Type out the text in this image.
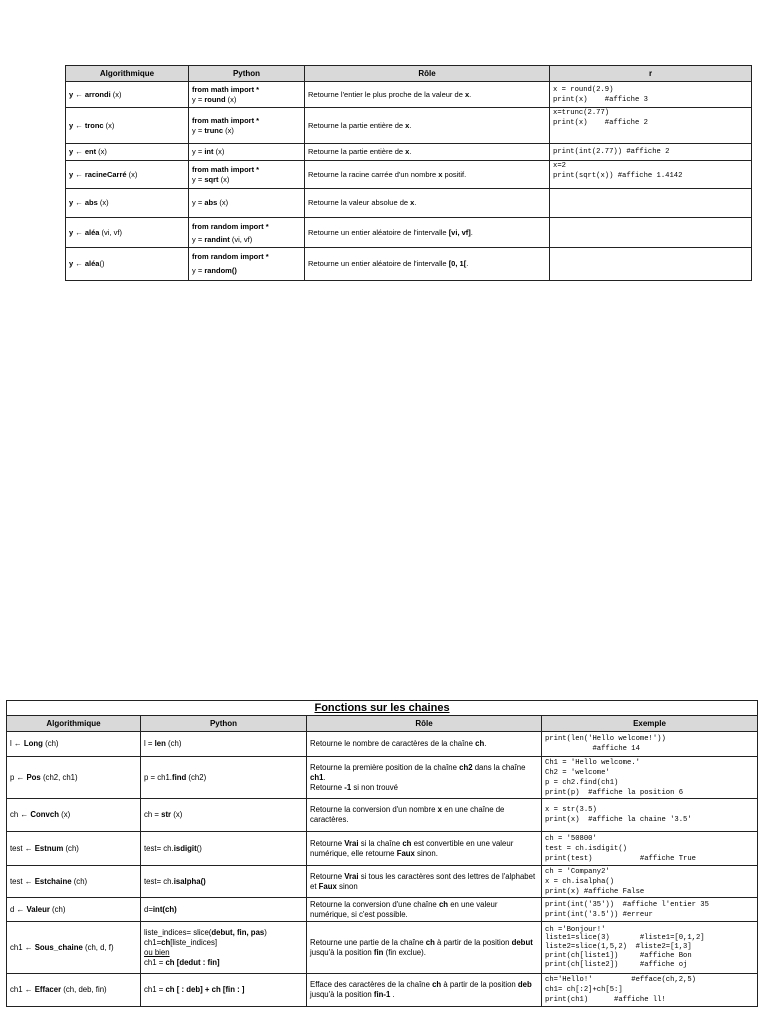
Algorithmique	Python	Rôle	r
y ← arrondi (x)	from math import *
y = round (x)	Retourne l'entier le plus proche de la valeur de x.	x = round(2.9)
print(x)    #affiche 3
y ← tronc (x)	from math import *
y = trunc (x)	Retourne la partie entière de x.	x=trunc(2.77)
print(x)    #affiche 2
y ← ent (x)	y = int (x)	Retourne la partie entière de x.	print(int(2.77)) #affiche 2
y ← racineCarré (x)	from math import *
y = sqrt (x)	Retourne la racine carrée d'un nombre x positif.	x=2
print(sqrt(x)) #affiche 1.4142
y ← abs (x)	y = abs (x)	Retourne la valeur absolue de x.	
y ← aléa (vi, vf)	from random import *
y = randint (vi, vf)	Retourne un entier aléatoire de l'intervalle [vi, vf].	
y ← aléa()	from random import *
y = random()	Retourne un entier aléatoire de l'intervalle [0, 1[.	
Fonctions sur les chaines			
Algorithmique	Python	Rôle	Exemple
l ← Long (ch)	l = len (ch)	Retourne le nombre de caractères de la chaîne ch.	print(len('Hello welcome!'))
#affiche 14
p ← Pos (ch2, ch1)	p = ch1.find (ch2)	Retourne la première position de la chaîne ch2 dans la chaîne ch1.
Retourne -1 si non trouvé	Ch1 = 'Hello welcome.'
Ch2 = 'welcome'
p = ch2.find(ch1)
print(p)  #affiche la position 6
ch ← Convch (x)	ch = str (x)	Retourne la conversion d'un nombre x en une chaîne de caractères.	x = str(3.5)
print(x)  #affiche la chaine '3.5'
test ← Estnum (ch)	test= ch.isdigit()	Retourne Vrai si la chaîne ch est convertible en une valeur numérique, elle retourne Faux sinon.	ch = '50800'
test = ch.isdigit()
print(test)           #affiche True
test ← Estchaine (ch)	test= ch.isalpha()	Retourne Vrai si tous les caractères sont des lettres de l'alphabet et Faux sinon	ch = 'Company2'
x = ch.isalpha()
print(x) #affiche False
d ← Valeur (ch)	d=int(ch)	Retourne la conversion d'une chaîne ch en une valeur numérique, si c'est possible.	print(int('35'))  #affiche l'entier 35
print(int('3.5')) #erreur
ch1 ← Sous_chaine (ch, d, f)	liste_indices= slice(debut, fin, pas)
ch1=ch[liste_indices]
ou bien
ch1 = ch [dedut : fin]	Retourne une partie de la chaîne ch à partir de la position debut jusqu'à la position fin (fin exclue).	ch ='Bonjour!'
liste1=slice(3)       #liste1=[0,1,2]
liste2=slice(1,5,2)  #liste2=[1,3]
print(ch[liste1])     #affiche Bon
print(ch[liste2])     #affiche oj
ch1 ← Effacer (ch, deb, fin)	ch1 = ch [ : deb] + ch [fin : ]	Efface des caractères de la chaîne ch à partir de la position deb jusqu'à la position fin-1 .	ch='Hello!'         #efface(ch,2,5)
ch1= ch[:2]+ch[5:]
print(ch1)      #affiche ll!
